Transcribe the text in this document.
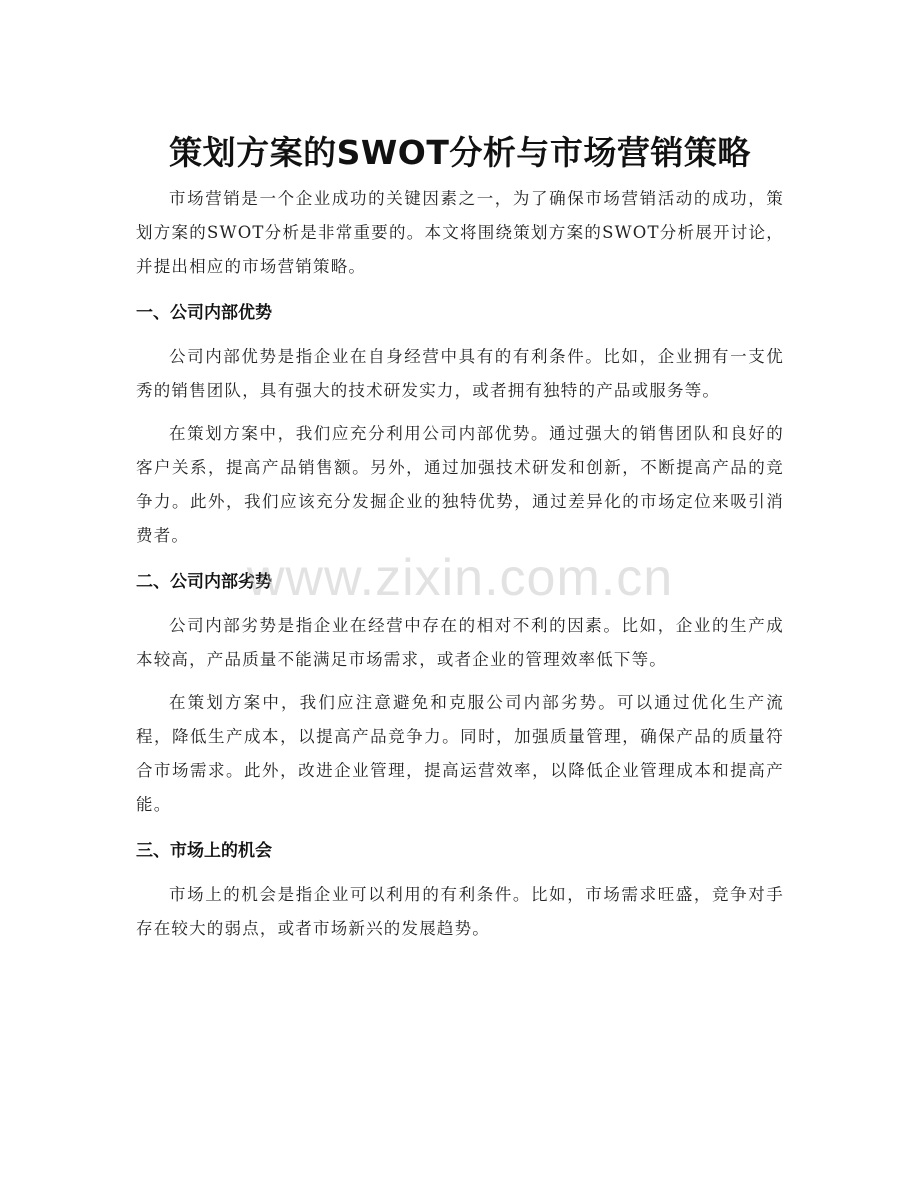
策划方案的SWOT分析与市场营销策略

市场营销是一个企业成功的关键因素之一，为了确保市场营销活动的成功，策划方案的SWOT分析是非常重要的。本文将围绕策划方案的SWOT分析展开讨论，并提出相应的市场营销策略。

一、公司内部优势

公司内部优势是指企业在自身经营中具有的有利条件。比如，企业拥有一支优秀的销售团队，具有强大的技术研发实力，或者拥有独特的产品或服务等。

在策划方案中，我们应充分利用公司内部优势。通过强大的销售团队和良好的客户关系，提高产品销售额。另外，通过加强技术研发和创新，不断提高产品的竞争力。此外，我们应该充分发掘企业的独特优势，通过差异化的市场定位来吸引消费者。

二、公司内部劣势

公司内部劣势是指企业在经营中存在的相对不利的因素。比如，企业的生产成本较高，产品质量不能满足市场需求，或者企业的管理效率低下等。

在策划方案中，我们应注意避免和克服公司内部劣势。可以通过优化生产流程，降低生产成本，以提高产品竞争力。同时，加强质量管理，确保产品的质量符合市场需求。此外，改进企业管理，提高运营效率，以降低企业管理成本和提高产能。

三、市场上的机会

市场上的机会是指企业可以利用的有利条件。比如，市场需求旺盛，竞争对手存在较大的弱点，或者市场新兴的发展趋势。

www.zixin.com.cn
